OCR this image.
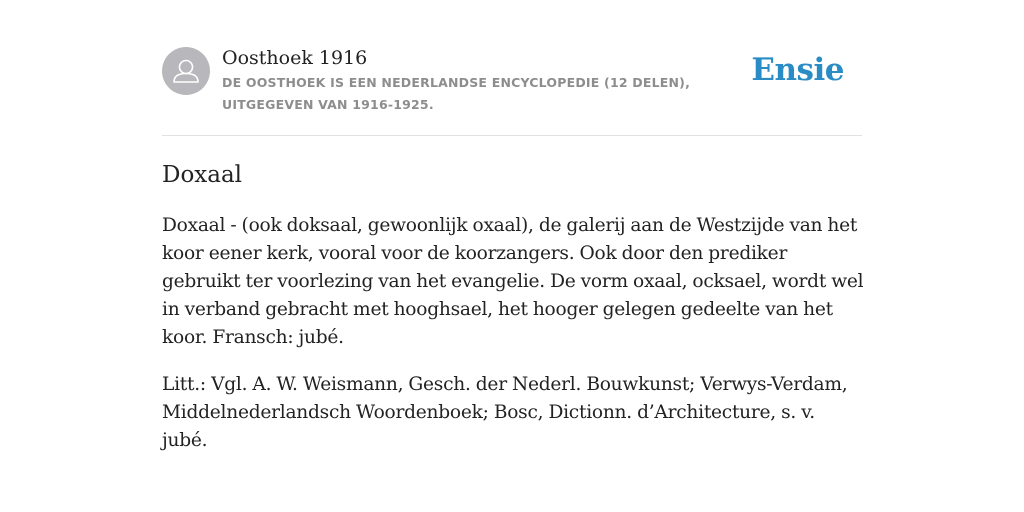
Oosthoek 1916
DE OOSTHOEK IS EEN NEDERLANDSE ENCYCLOPEDIE (12 DELEN), UITGEGEVEN VAN 1916-1925.
Ensie
Doxaal

Doxaal - (ook doksaal, gewoonlijk oxaal), de galerij aan de Westzijde van het koor eener kerk, vooral voor de koorzangers. Ook door den prediker gebruikt ter voorlezing van het evangelie. De vorm oxaal, ocksael, wordt wel in verband gebracht met hooghsael, het hooger gelegen gedeelte van het koor. Fransch: jubé.

Litt.: Vgl. A. W. Weismann, Gesch. der Nederl. Bouwkunst; Verwys-Verdam, Middelnederlandsch Woordenboek; Bosc, Dictionn. d’Architecture, s. v. jubé.
